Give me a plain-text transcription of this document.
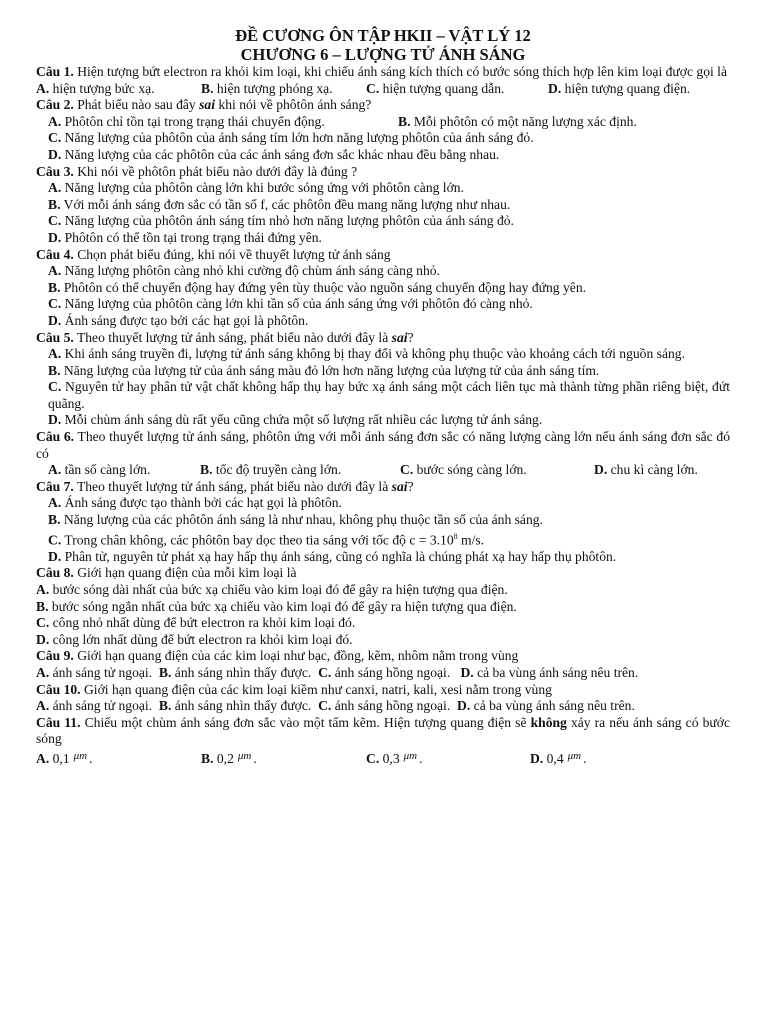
ĐỀ CƯƠNG ÔN TẬP HKII – VẬT LÝ 12
CHƯƠNG 6 – LƯỢNG TỬ ÁNH SÁNG

Câu 1. Hiện tượng bứt electron ra khỏi kim loại, khi chiếu ánh sáng kích thích có bước sóng thích hợp lên kim loại được gọi là

A. hiện tượng bức xạ.	B. hiện tượng phóng xạ.	C. hiện tượng quang dẫn.	D. hiện tượng quang điện.

Câu 2. Phát biểu nào sau đây sai khi nói về phôtôn ánh sáng?

A. Phôtôn chỉ tồn tại trong trạng thái chuyển động.	B. Mỗi phôtôn có một năng lượng xác định.

C. Năng lượng của phôtôn của ánh sáng tím lớn hơn năng lượng phôtôn của ánh sáng đỏ.

D. Năng lượng của các phôtôn của các ánh sáng đơn sắc khác nhau đều bằng nhau.

Câu 3. Khi nói về phôtôn phát biểu nào dưới đây là đúng ?

A. Năng lượng của phôtôn càng lớn khi bước sóng ứng với phôtôn càng lớn.

B. Với mỗi ánh sáng đơn sắc có tần số f, các phôtôn đều mang năng lượng như nhau.

C. Năng lượng của phôtôn ánh sáng tím nhỏ hơn năng lượng phôtôn của ánh sáng đỏ.

D. Phôtôn có thể tồn tại trong trạng thái đứng yên.

Câu 4. Chọn phát biểu đúng, khi nói về thuyết lượng tử ánh sáng

A. Năng lượng phôtôn càng nhỏ khi cường độ chùm ánh sáng càng nhỏ.

B. Phôtôn có thể chuyển động hay đứng yên tùy thuộc vào nguồn sáng chuyển động hay đứng yên.

C. Năng lượng của phôtôn càng lớn khi tần số của ánh sáng ứng với phôtôn đó càng nhỏ.

D. Ánh sáng được tạo bởi các hạt gọi là phôtôn.

Câu 5. Theo thuyết lượng tử ánh sáng, phát biểu nào dưới đây là sai?

A. Khi ánh sáng truyền đi, lượng tử ánh sáng không bị thay đổi và không phụ thuộc vào khoảng cách tới nguồn sáng.

B. Năng lượng của lượng tử của ánh sáng màu đỏ lớn hơn năng lượng của lượng tử của ánh sáng tím.

C. Nguyên tử hay phân tử vật chất không hấp thụ hay bức xạ ánh sáng một cách liên tục mà thành từng phần riêng biệt, đứt quãng.

D. Mỗi chùm ánh sáng dù rất yếu cũng chứa một số lượng rất nhiều các lượng tử ánh sáng.

Câu 6. Theo thuyết lượng tử ánh sáng, phôtôn ứng với mỗi ánh sáng đơn sắc có năng lượng càng lớn nếu ánh sáng đơn sắc đó có

A. tần số càng lớn.	B. tốc độ truyền càng lớn.	C. bước sóng càng lớn.	D. chu kì càng lớn.

Câu 7. Theo thuyết lượng tử ánh sáng, phát biểu nào dưới đây là sai?

A. Ánh sáng được tạo thành bởi các hạt gọi là phôtôn.

B. Năng lượng của các phôtôn ánh sáng là như nhau, không phụ thuộc tần số của ánh sáng.

C. Trong chân không, các phôtôn bay dọc theo tia sáng với tốc độ $c = 3.10^8$ m/s.

D. Phân tử, nguyên tử phát xạ hay hấp thụ ánh sáng, cũng có nghĩa là chúng phát xạ hay hấp thụ phôtôn.

Câu 8. Giới hạn quang điện của mỗi kim loại là

A. bước sóng dài nhất của bức xạ chiếu vào kim loại đó để gây ra hiện tượng qua điện.

B. bước sóng ngắn nhất của bức xạ chiếu vào kim loại đó để gây ra hiện tượng qua điện.

C. công nhỏ nhất dùng để bứt electron ra khỏi kim loại đó.

D. công lớn nhất dùng để bứt electron ra khỏi kim loại đó.

Câu 9. Giới hạn quang điện của các kim loại như bạc, đồng, kẽm, nhôm nằm trong vùng

A. ánh sáng tử ngoại. B. ánh sáng nhìn thấy được. C. ánh sáng hồng ngoại. D. cả ba vùng ánh sáng nêu trên.

Câu 10. Giới hạn quang điện của các kim loại kiềm như canxi, natri, kali, xesi nằm trong vùng

A. ánh sáng tử ngoại. B. ánh sáng nhìn thấy được. C. ánh sáng hồng ngoại. D. cả ba vùng ánh sáng nêu trên.

Câu 11. Chiếu một chùm ánh sáng đơn sắc vào một tấm kẽm. Hiện tượng quang điện sẽ không xảy ra nếu ánh sáng có bước sóng

A. 0,1 $^{\mu m}$ .	B. 0,2 $^{\mu m}$ .	C. 0,3 $^{\mu m}$ .	D. 0,4 $^{\mu m}$ .
